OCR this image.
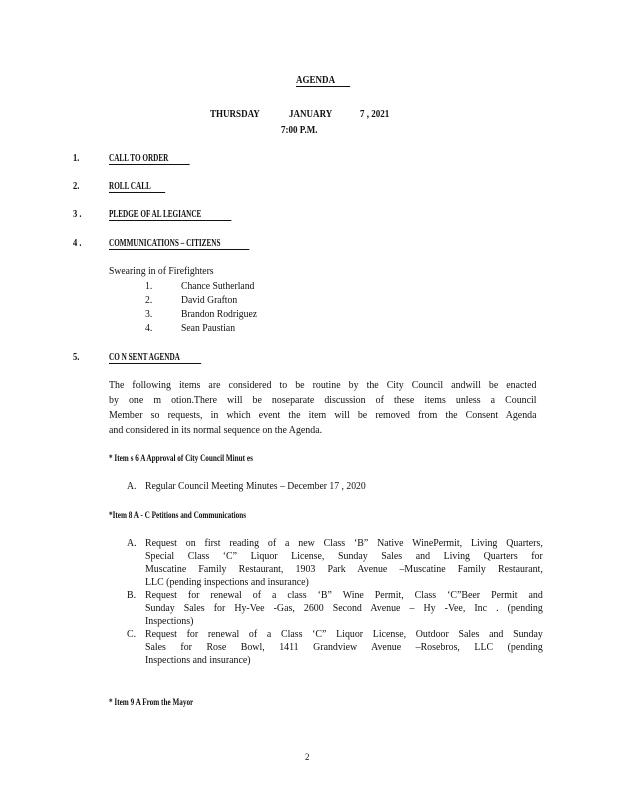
AGENDA
THURSDAY	JANUARY	7 , 2021
7:00 P.M.
1.	CALL TO ORDER
2.	ROLL CALL
3 .	PLEDGE OF AL LEGIANCE
4 .	COMMUNICATIONS – CITIZENS
Swearing in of Firefighters
1.	Chance Sutherland
2.	David Grafton
3.	Brandon Rodriguez
4.	Sean Paustian
5.	CO N SENT AGENDA
The following items are considered to be routine by the City Council andwill be enacted
by one m otion.There will be noseparate discussion of these items unless a Council
Member so requests, in which event the item will be removed from the Consent Agenda
and considered in its normal sequence on the Agenda.
* Item s 6 A Approval of City Council Minut es
A. Regular Council Meeting Minutes – December 17 , 2020
*Item 8 A - C Petitions and Communications
A. Request on first reading of a new Class ‘B” Native WinePermit, Living Quarters,
Special Class ‘C” Liquor License, Sunday Sales and Living Quarters for
Muscatine Family Restaurant, 1903 Park Avenue –Muscatine Family Restaurant,
LLC (pending inspections and insurance)
B. Request for renewal of a class ‘B” Wine Permit, Class ‘C”Beer Permit and
Sunday Sales for Hy-Vee -Gas, 2600 Second Avenue – Hy -Vee, Inc . (pending
Inspections)
C. Request for renewal of a Class ‘C” Liquor License, Outdoor Sales and Sunday
Sales for Rose Bowl, 1411 Grandview Avenue –Rosebros, LLC (pending
Inspections and insurance)
* Item 9 A From the Mayor
2
